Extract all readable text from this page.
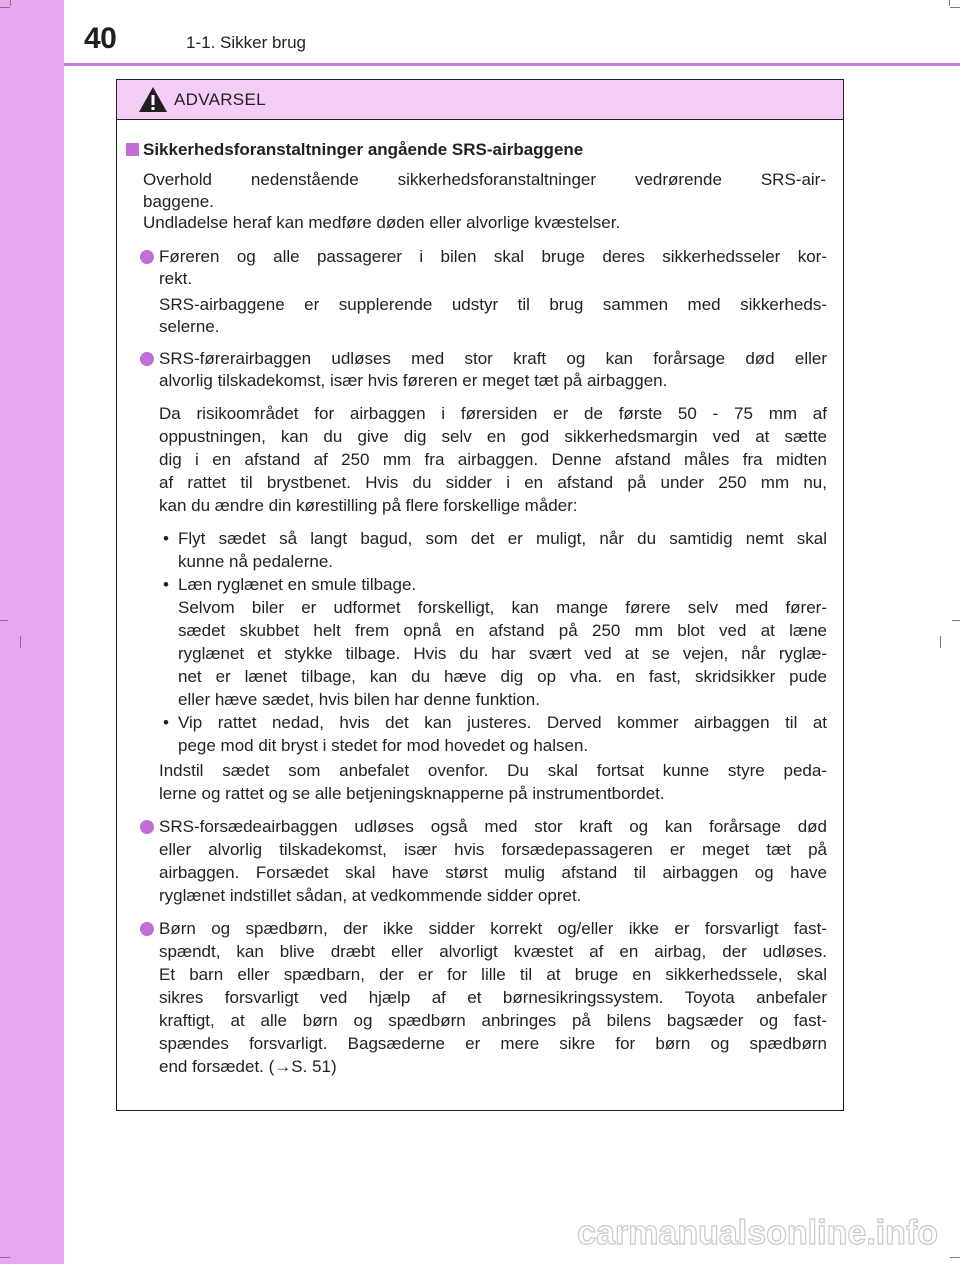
40	1-1. Sikker brug
ADVARSEL
Sikkerhedsforanstaltninger angående SRS-airbaggene
Overhold nedenstående sikkerhedsforanstaltninger vedrørende SRS-air-
baggene.
Undladelse heraf kan medføre døden eller alvorlige kvæstelser.
Føreren og alle passagerer i bilen skal bruge deres sikkerhedsseler kor-
rekt.
SRS-airbaggene er supplerende udstyr til brug sammen med sikkerheds-
selerne.
SRS-førerairbaggen udløses med stor kraft og kan forårsage død eller
alvorlig tilskadekomst, især hvis føreren er meget tæt på airbaggen.
Da risikoområdet for airbaggen i førersiden er de første 50 - 75 mm af
oppustningen, kan du give dig selv en god sikkerhedsmargin ved at sætte
dig i en afstand af 250 mm fra airbaggen. Denne afstand måles fra midten
af rattet til brystbenet. Hvis du sidder i en afstand på under 250 mm nu,
kan du ændre din kørestilling på flere forskellige måder:
• Flyt sædet så langt bagud, som det er muligt, når du samtidig nemt skal
kunne nå pedalerne.
• Læn ryglænet en smule tilbage.
Selvom biler er udformet forskelligt, kan mange førere selv med fører-
sædet skubbet helt frem opnå en afstand på 250 mm blot ved at læne
ryglænet et stykke tilbage. Hvis du har svært ved at se vejen, når ryglæ-
net er lænet tilbage, kan du hæve dig op vha. en fast, skridsikker pude
eller hæve sædet, hvis bilen har denne funktion.
• Vip rattet nedad, hvis det kan justeres. Derved kommer airbaggen til at
pege mod dit bryst i stedet for mod hovedet og halsen.
Indstil sædet som anbefalet ovenfor. Du skal fortsat kunne styre peda-
lerne og rattet og se alle betjeningsknapperne på instrumentbordet.
SRS-forsædeairbaggen udløses også med stor kraft og kan forårsage død
eller alvorlig tilskadekomst, især hvis forsædepassageren er meget tæt på
airbaggen. Forsædet skal have størst mulig afstand til airbaggen og have
ryglænet indstillet sådan, at vedkommende sidder opret.
Børn og spædbørn, der ikke sidder korrekt og/eller ikke er forsvarligt fast-
spændt, kan blive dræbt eller alvorligt kvæstet af en airbag, der udløses.
Et barn eller spædbarn, der er for lille til at bruge en sikkerhedssele, skal
sikres forsvarligt ved hjælp af et børnesikringssystem. Toyota anbefaler
kraftigt, at alle børn og spædbørn anbringes på bilens bagsæder og fast-
spændes forsvarligt. Bagsæderne er mere sikre for børn og spædbørn
end forsædet. (→S. 51)
carmanualsonline.info
